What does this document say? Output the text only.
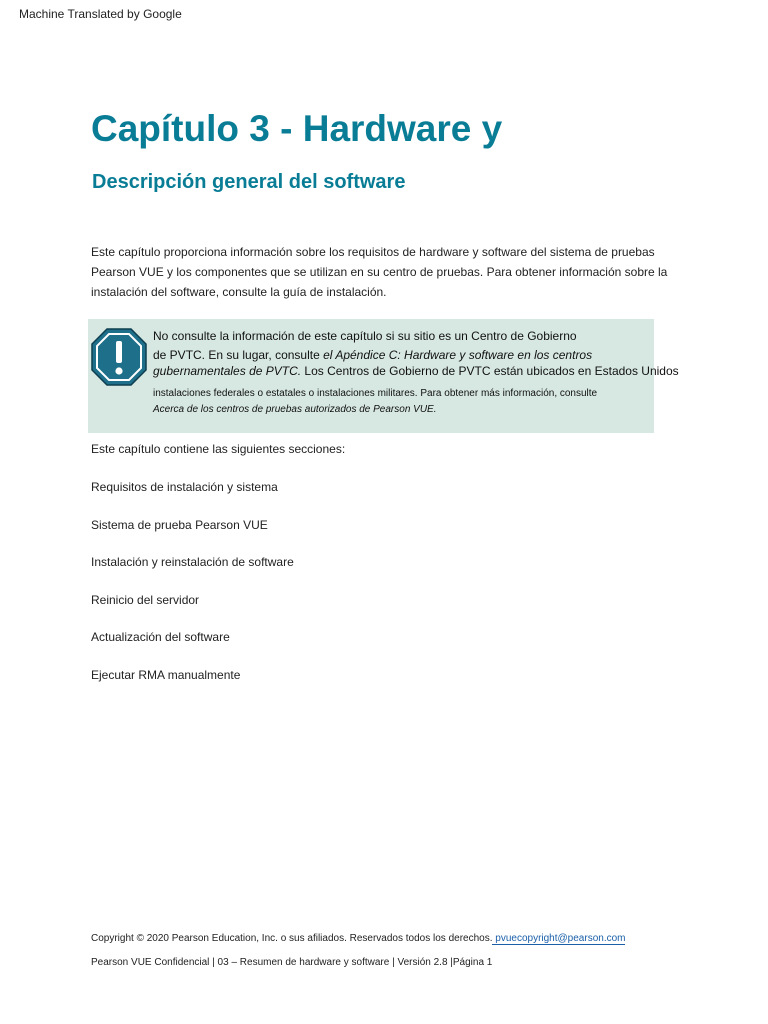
Machine Translated by Google
Capítulo 3 - Hardware y
Descripción general del software

Este capítulo proporciona información sobre los requisitos de hardware y software del sistema de pruebas Pearson VUE y los componentes que se utilizan en su centro de pruebas. Para obtener información sobre la instalación del software, consulte la guía de instalación.

No consulte la información de este capítulo si su sitio es un Centro de Gobierno
de PVTC. En su lugar, consulte el Apéndice C: Hardware y software en los centros
gubernamentales de PVTC. Los Centros de Gobierno de PVTC están ubicados en Estados Unidos
instalaciones federales o estatales o instalaciones militares. Para obtener más información, consulte
Acerca de los centros de pruebas autorizados de Pearson VUE.

Este capítulo contiene las siguientes secciones:

Requisitos de instalación y sistema
Sistema de prueba Pearson VUE
Instalación y reinstalación de software
Reinicio del servidor
Actualización del software
Ejecutar RMA manualmente
Copyright © 2020 Pearson Education, Inc. o sus afiliados. Reservados todos los derechos. pvuecopyright@pearson.com
Pearson VUE Confidencial | 03 – Resumen de hardware y software | Versión 2.8 |Página 1
